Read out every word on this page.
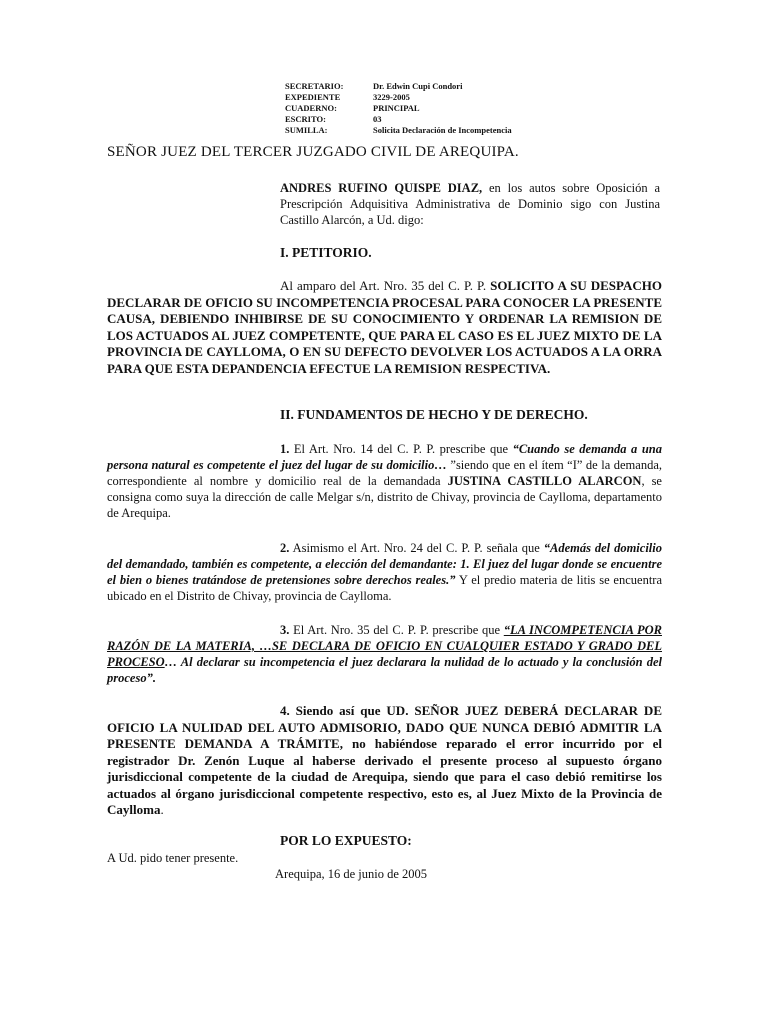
SECRETARIO:	Dr. Edwin Cupi Condori
EXPEDIENTE	3229-2005
CUADERNO:	PRINCIPAL
ESCRITO:	03
SUMILLA:	Solicita Declaración de Incompetencia
SEÑOR JUEZ DEL TERCER JUZGADO CIVIL DE AREQUIPA.
ANDRES RUFINO QUISPE DIAZ, en los autos sobre Oposición a Prescripción Adquisitiva Administrativa de Dominio sigo con Justina Castillo Alarcón, a Ud. digo:
I. PETITORIO.
Al amparo del Art. Nro. 35 del C. P. P. SOLICITO A SU DESPACHO DECLARAR DE OFICIO SU INCOMPETENCIA PROCESAL PARA CONOCER LA PRESENTE CAUSA, DEBIENDO INHIBIRSE DE SU CONOCIMIENTO Y ORDENAR LA REMISION DE LOS ACTUADOS AL JUEZ COMPETENTE, QUE PARA EL CASO ES EL JUEZ MIXTO DE LA PROVINCIA DE CAYLLOMA, O EN SU DEFECTO DEVOLVER LOS ACTUADOS A LA ORRA PARA QUE ESTA DEPANDENCIA EFECTUE LA REMISION RESPECTIVA.
II. FUNDAMENTOS DE HECHO Y DE DERECHO.
1. El Art. Nro. 14 del C. P. P. prescribe que “Cuando se demanda a una persona natural es competente el juez del lugar de su domicilio… ”siendo que en el ítem “I” de la demanda, correspondiente al nombre y domicilio real de la demandada JUSTINA CASTILLO ALARCON, se consigna como suya la dirección de calle Melgar s/n, distrito de Chivay, provincia de Caylloma, departamento de Arequipa.
2. Asimismo el Art. Nro. 24 del C. P. P. señala que “Además del domicilio del demandado, también es competente, a elección del demandante: 1. El juez del lugar donde se encuentre el bien o bienes tratándose de pretensiones sobre derechos reales.” Y el predio materia de litis se encuentra ubicado en el Distrito de Chivay, provincia de Caylloma.
3. El Art. Nro. 35 del C. P. P. prescribe que “LA INCOMPETENCIA POR RAZÓN DE LA MATERIA, …SE DECLARA DE OFICIO EN CUALQUIER ESTADO Y GRADO DEL PROCESO… Al declarar su incompetencia el juez declarara la nulidad de lo actuado y la conclusión del proceso”.
4. Siendo así que UD. SEÑOR JUEZ DEBERÁ DECLARAR DE OFICIO LA NULIDAD DEL AUTO ADMISORIO, DADO QUE NUNCA DEBIÓ ADMITIR LA PRESENTE DEMANDA A TRÁMITE, no habiéndose reparado el error incurrido por el registrador Dr. Zenón Luque al haberse derivado el presente proceso al supuesto órgano jurisdiccional competente de la ciudad de Arequipa, siendo que para el caso debió remitirse los actuados al órgano jurisdiccional competente respectivo, esto es, al Juez Mixto de la Provincia de Caylloma.
POR LO EXPUESTO:
A Ud. pido tener presente.
Arequipa, 16 de junio de 2005
